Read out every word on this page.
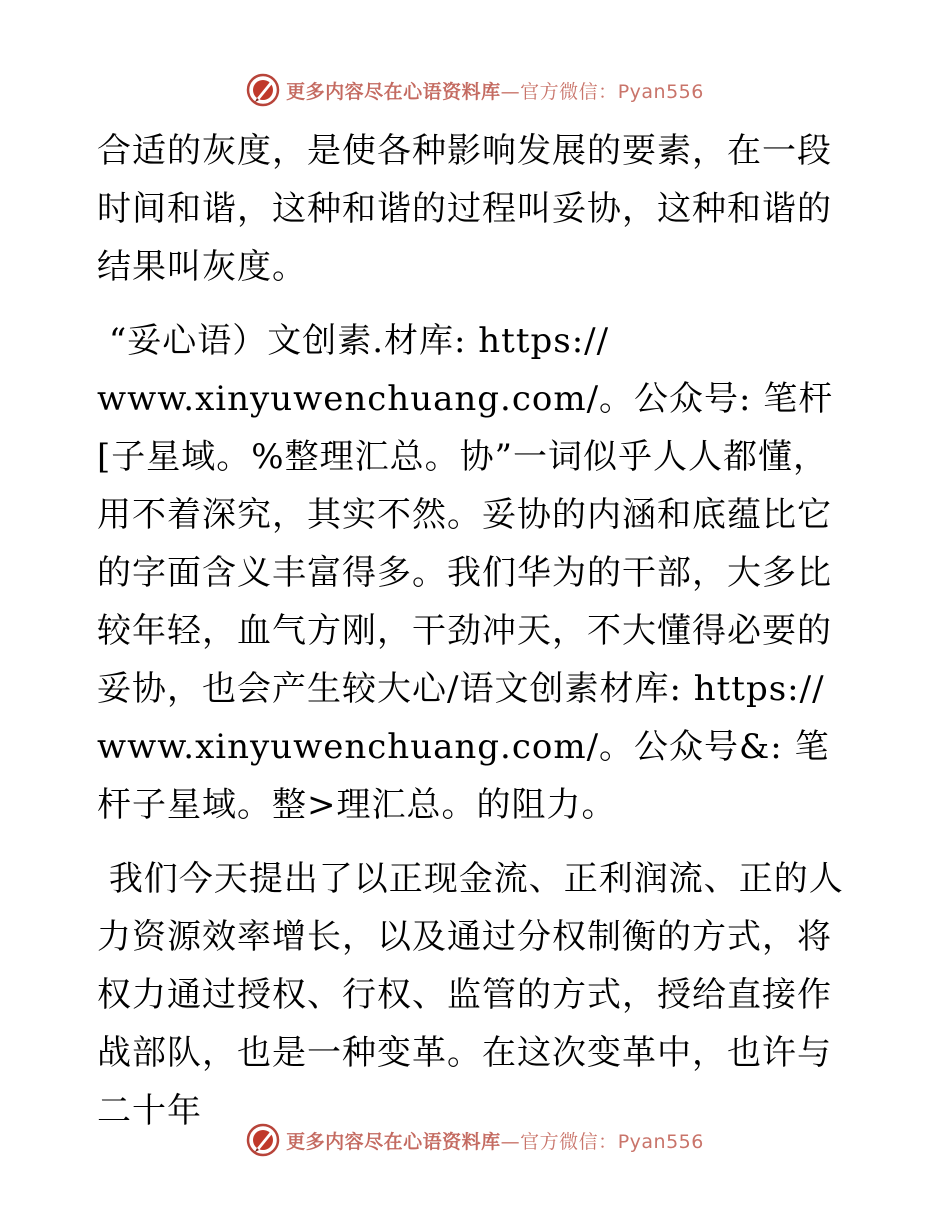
更多内容尽在心语资料库—官方微信：Pyan556

合适的灰度，是使各种影响发展的要素，在一段时间和谐，这种和谐的过程叫妥协，这种和谐的结果叫灰度。

“妥心语）文创素.材库: https://
www.xinyuwenchuang.com/。公众号: 笔杆[子星域。%整理汇总。协”一词似乎人人都懂，用不着深究，其实不然。妥协的内涵和底蕴比它的字面含义丰富得多。我们华为的干部，大多比较年轻，血气方刚，干劲冲天，不大懂得必要的妥协，也会产生较大心/语文创素材库: https://
www.xinyuwenchuang.com/。公众号&: 笔杆子星域。整>理汇总。的阻力。

我们今天提出了以正现金流、正利润流、正的人力资源效率增长，以及通过分权制衡的方式，将权力通过授权、行权、监管的方式，授给直接作战部队，也是一种变革。在这次变革中，也许与二十年

更多内容尽在心语资料库—官方微信：Pyan556
